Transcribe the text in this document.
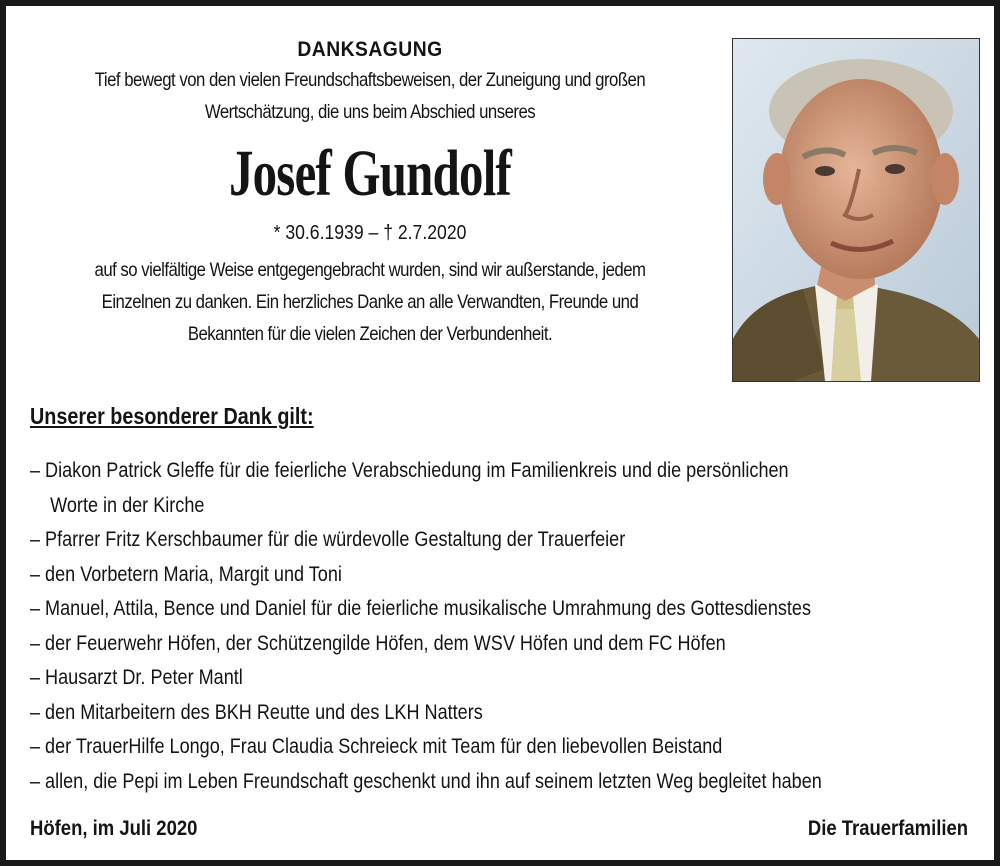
DANKSAGUNG
Tief bewegt von den vielen Freundschaftsbeweisen, der Zuneigung und großen
Wertschätzung, die uns beim Abschied unseres
Josef Gundolf
* 30.6.1939 – † 2.7.2020
auf so vielfältige Weise entgegengebracht wurden, sind wir außerstande, jedem
Einzelnen zu danken. Ein herzliches Danke an alle Verwandten, Freunde und
Bekannten für die vielen Zeichen der Verbundenheit.
Unserer besonderer Dank gilt:
– Diakon Patrick Gleffe für die feierliche Verabschiedung im Familienkreis und die persönlichen
Worte in der Kirche
– Pfarrer Fritz Kerschbaumer für die würdevolle Gestaltung der Trauerfeier
– den Vorbetern Maria, Margit und Toni
– Manuel, Attila, Bence und Daniel für die feierliche musikalische Umrahmung des Gottesdienstes
– der Feuerwehr Höfen, der Schützengilde Höfen, dem WSV Höfen und dem FC Höfen
– Hausarzt Dr. Peter Mantl
– den Mitarbeitern des BKH Reutte und des LKH Natters
– der TrauerHilfe Longo, Frau Claudia Schreieck mit Team für den liebevollen Beistand
– allen, die Pepi im Leben Freundschaft geschenkt und ihn auf seinem letzten Weg begleitet haben
Höfen, im Juli 2020	Die Trauerfamilien
